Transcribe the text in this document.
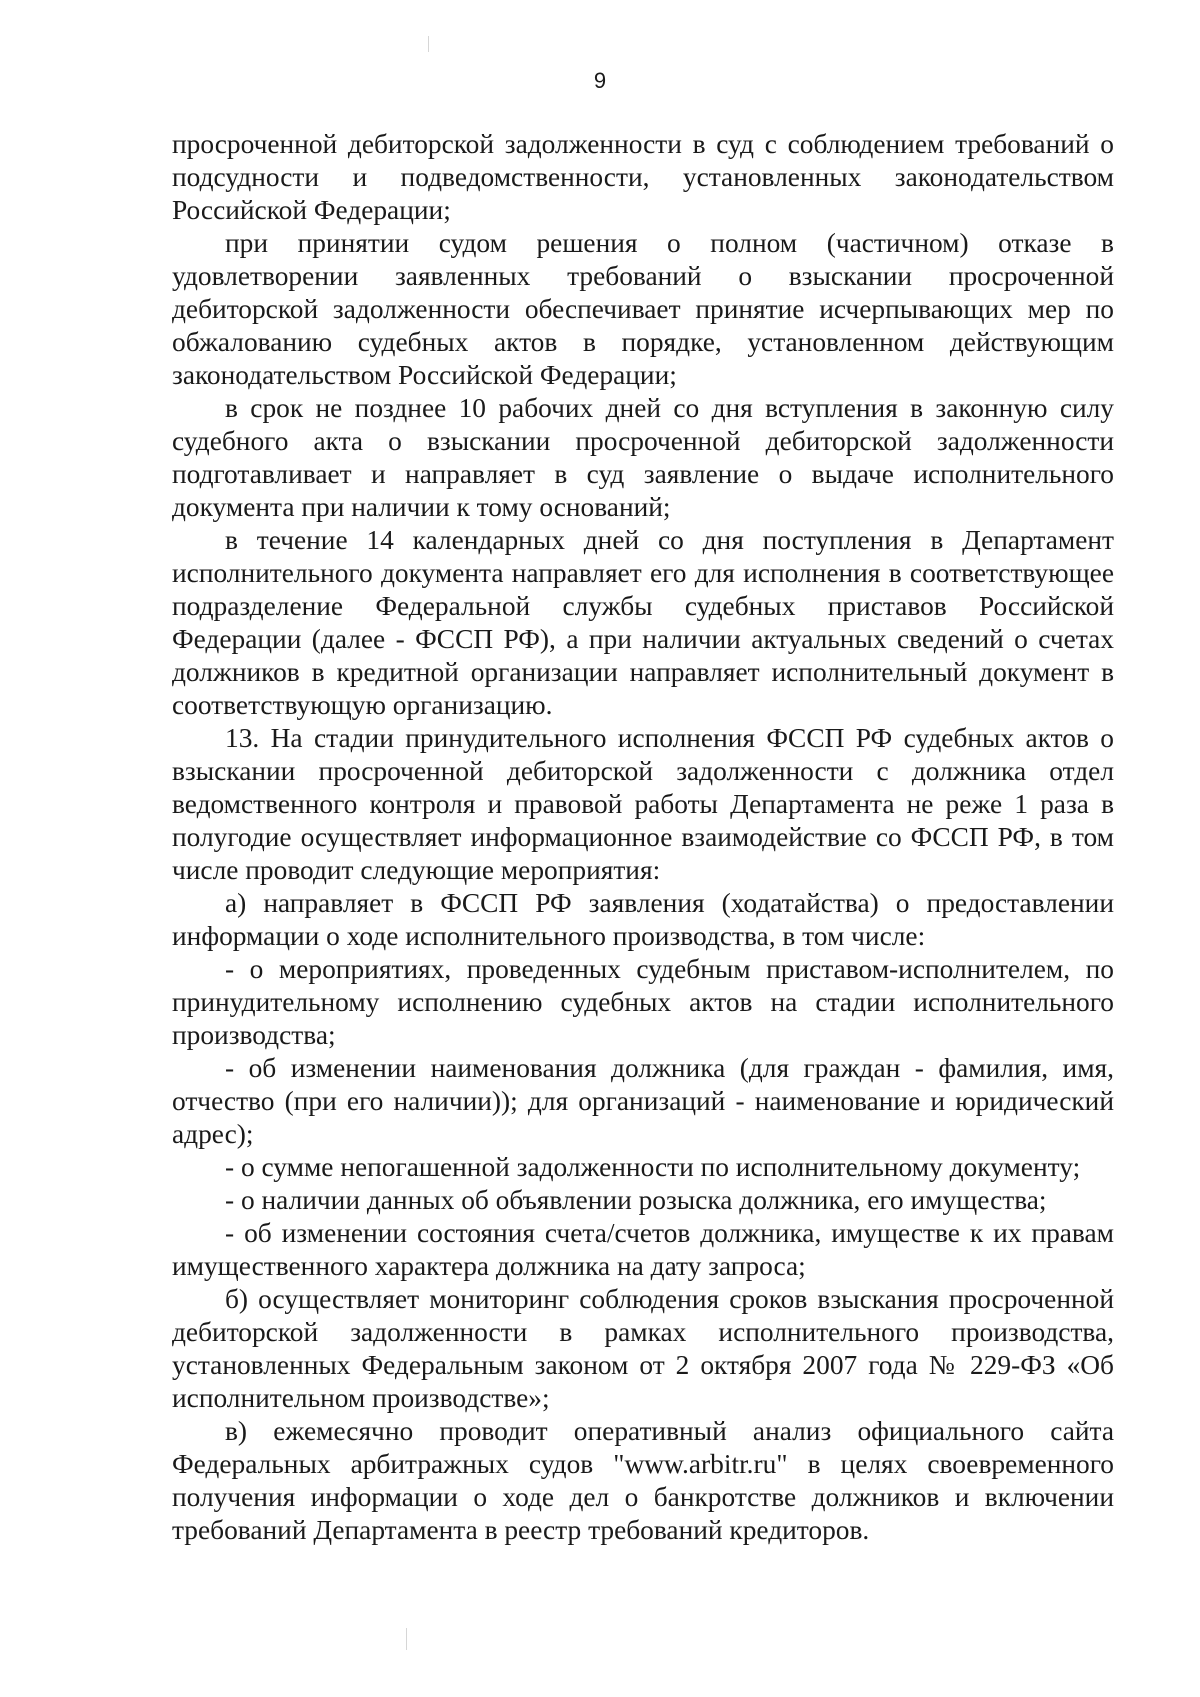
9

просроченной дебиторской задолженности в суд с соблюдением требований о подсудности и подведомственности, установленных законодательством Российской Федерации;

при принятии судом решения о полном (частичном) отказе в удовлетворении заявленных требований о взыскании просроченной дебиторской задолженности обеспечивает принятие исчерпывающих мер по обжалованию судебных актов в порядке, установленном действующим законодательством Российской Федерации;

в срок не позднее 10 рабочих дней со дня вступления в законную силу судебного акта о взыскании просроченной дебиторской задолженности подготавливает и направляет в суд заявление о выдаче исполнительного документа при наличии к тому оснований;

в течение 14 календарных дней со дня поступления в Департамент исполнительного документа направляет его для исполнения в соответствующее подразделение Федеральной службы судебных приставов Российской Федерации (далее - ФССП РФ), а при наличии актуальных сведений о счетах должников в кредитной организации направляет исполнительный документ в соответствующую организацию.

13. На стадии принудительного исполнения ФССП РФ судебных актов о взыскании просроченной дебиторской задолженности с должника отдел ведомственного контроля и правовой работы Департамента не реже 1 раза в полугодие осуществляет информационное взаимодействие со ФССП РФ, в том числе проводит следующие мероприятия:

а) направляет в ФССП РФ заявления (ходатайства) о предоставлении информации о ходе исполнительного производства, в том числе:

- о мероприятиях, проведенных судебным приставом-исполнителем, по принудительному исполнению судебных актов на стадии исполнительного производства;

- об изменении наименования должника (для граждан - фамилия, имя, отчество (при его наличии)); для организаций - наименование и юридический адрес);

- о сумме непогашенной задолженности по исполнительному документу;

- о наличии данных об объявлении розыска должника, его имущества;

- об изменении состояния счета/счетов должника, имуществе к их правам имущественного характера должника на дату запроса;

б) осуществляет мониторинг соблюдения сроков взыскания просроченной дебиторской задолженности в рамках исполнительного производства, установленных Федеральным законом от 2 октября 2007 года № 229-ФЗ «Об исполнительном производстве»;

в) ежемесячно проводит оперативный анализ официального сайта Федеральных арбитражных судов "www.arbitr.ru" в целях своевременного получения информации о ходе дел о банкротстве должников и включении требований Департамента в реестр требований кредиторов.
